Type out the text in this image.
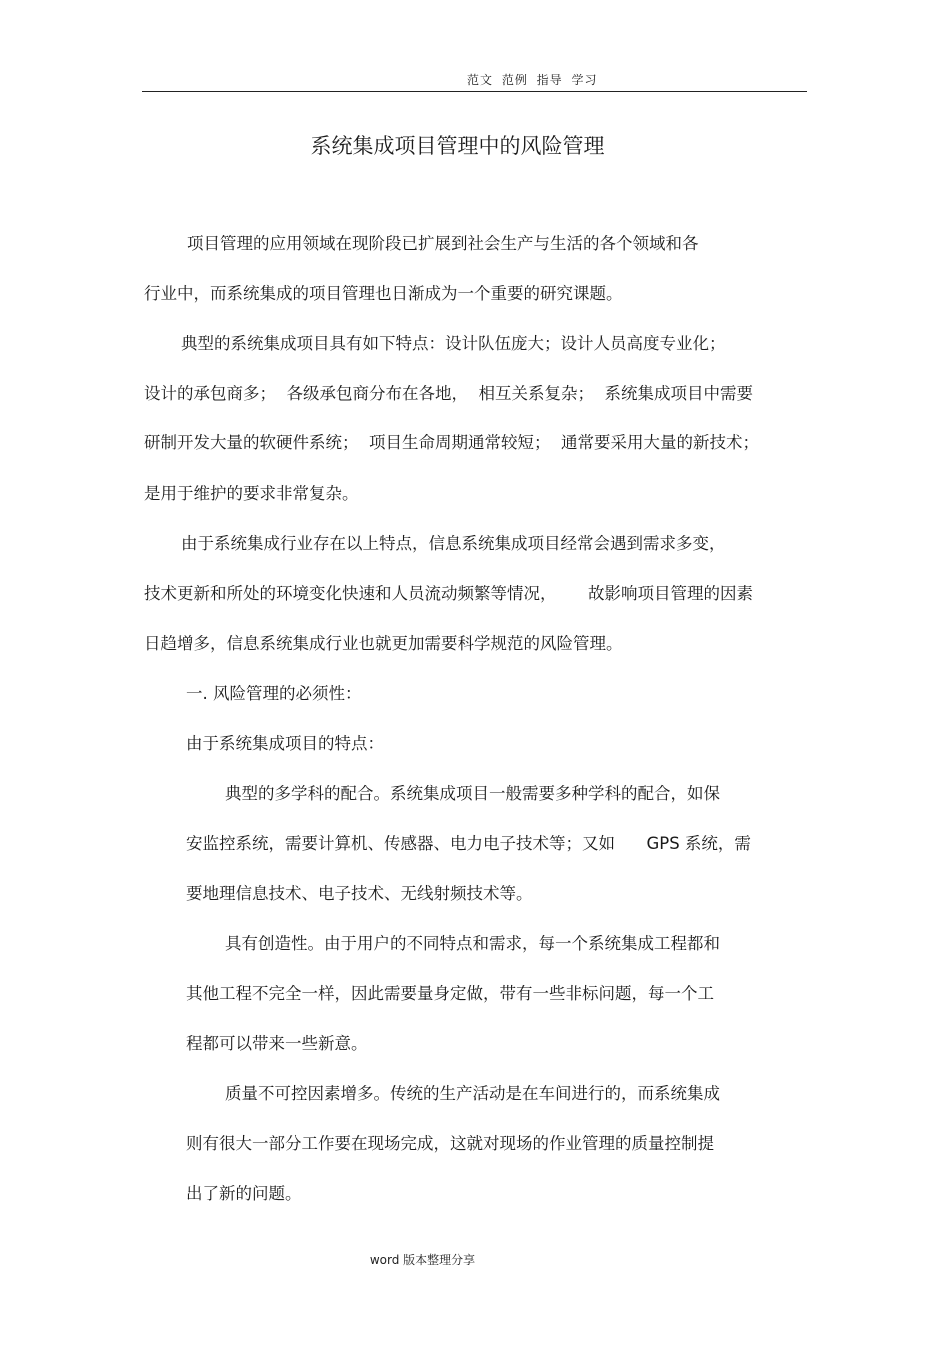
范文 范例 指导 学习
系统集成项目管理中的风险管理
项目管理的应用领域在现阶段已扩展到社会生产与生活的各个领域和各
行业中，而系统集成的项目管理也日渐成为一个重要的研究课题。
典型的系统集成项目具有如下特点：设计队伍庞大；设计人员高度专业化；
设计的承包商多；  各级承包商分布在各地，  相互关系复杂；  系统集成项目中需要
研制开发大量的软硬件系统；  项目生命周期通常较短；  通常要采用大量的新技术；
是用于维护的要求非常复杂。
由于系统集成行业存在以上特点，信息系统集成项目经常会遇到需求多变，
技术更新和所处的环境变化快速和人员流动频繁等情况，      故影响项目管理的因素
日趋增多，信息系统集成行业也就更加需要科学规范的风险管理。
一. 风险管理的必须性：
由于系统集成项目的特点：
典型的多学科的配合。系统集成项目一般需要多种学科的配合，如保
安监控系统，需要计算机、传感器、电力电子技术等；又如      GPS 系统，需
要地理信息技术、电子技术、无线射频技术等。
具有创造性。由于用户的不同特点和需求，每一个系统集成工程都和
其他工程不完全一样，因此需要量身定做，带有一些非标问题，每一个工
程都可以带来一些新意。
质量不可控因素增多。传统的生产活动是在车间进行的，而系统集成
则有很大一部分工作要在现场完成，这就对现场的作业管理的质量控制提
出了新的问题。
word 版本整理分享
